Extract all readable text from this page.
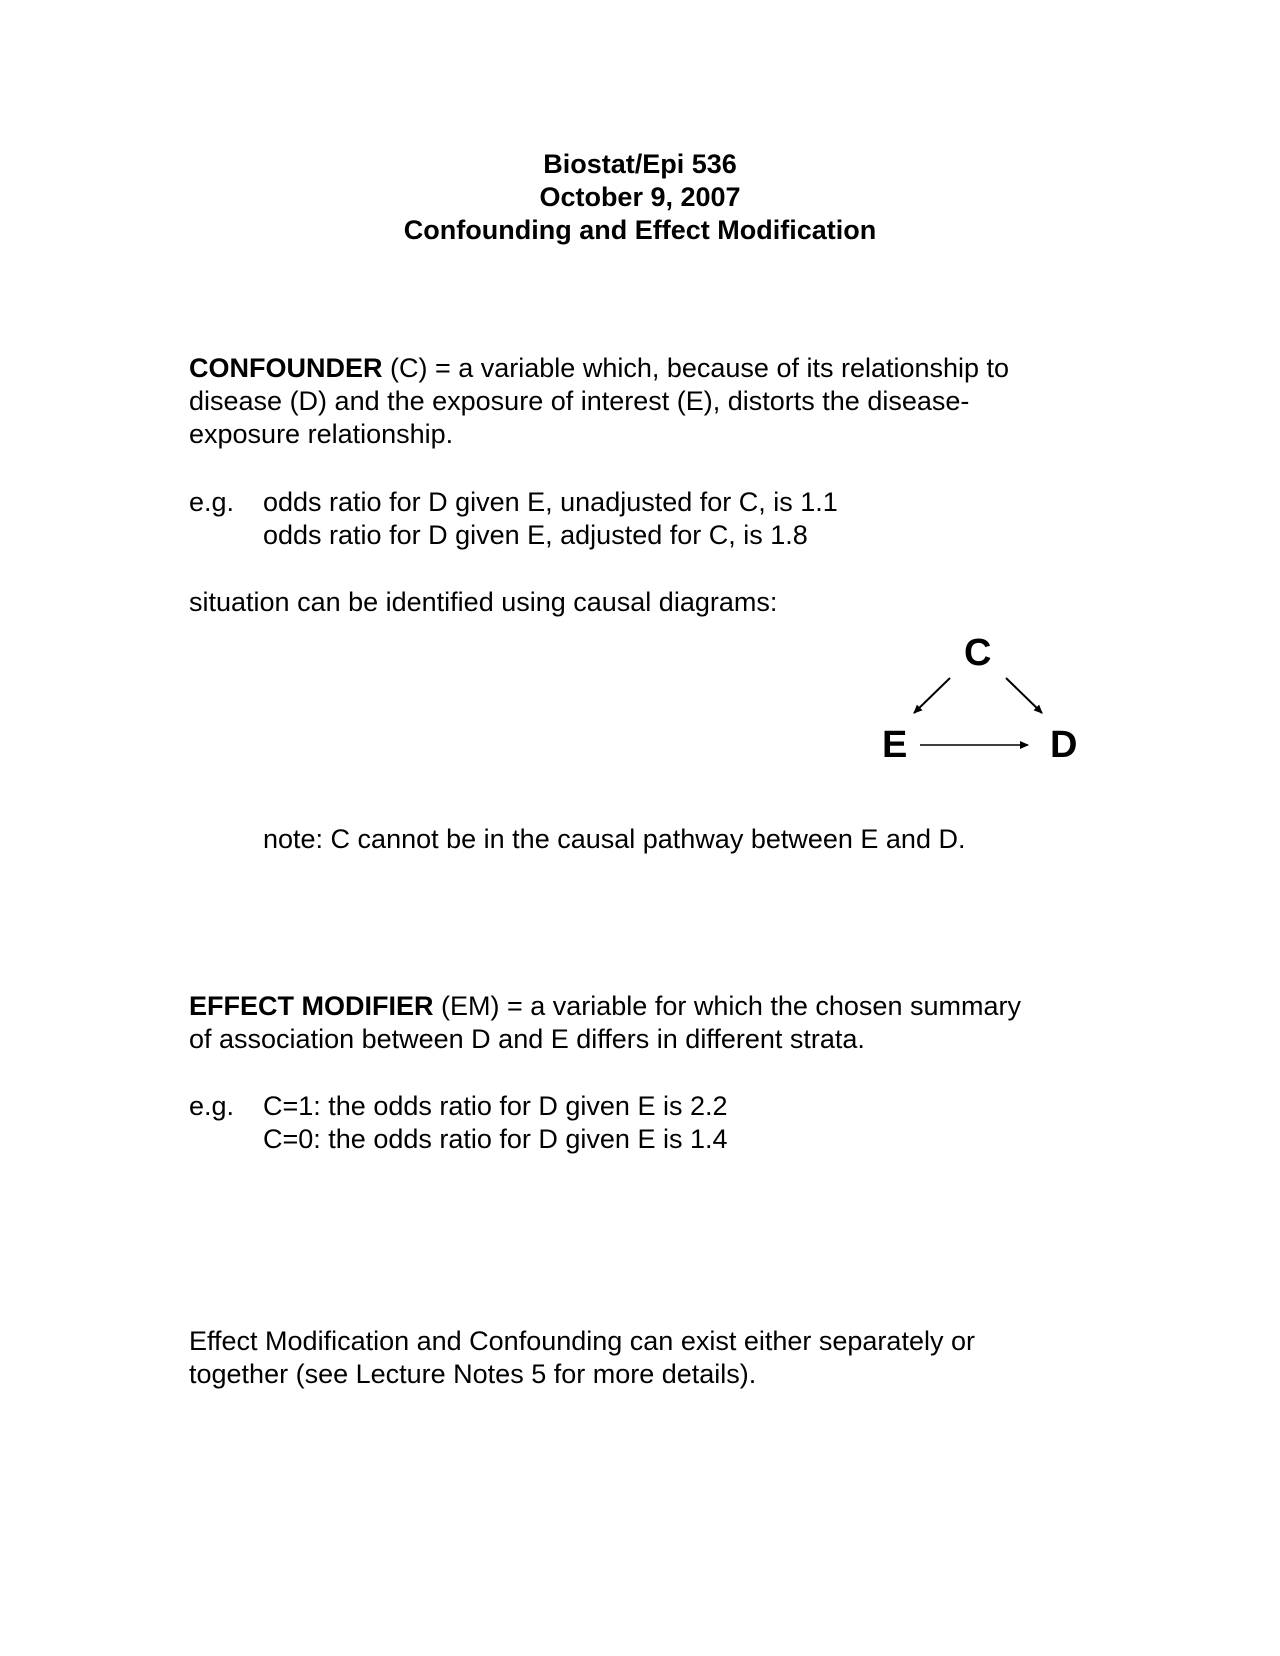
Biostat/Epi 536
October 9, 2007
Confounding and Effect Modification
CONFOUNDER (C) = a variable which, because of its relationship to
disease (D) and the exposure of interest (E), distorts the disease-
exposure relationship.
e.g. odds ratio for D given E, unadjusted for C, is 1.1
odds ratio for D given E, adjusted for C, is 1.8
situation can be identified using causal diagrams:
C
E	D
note: C cannot be in the causal pathway between E and D.
EFFECT MODIFIER (EM) = a variable for which the chosen summary
of association between D and E differs in different strata.
e.g. C=1: the odds ratio for D given E is 2.2
C=0: the odds ratio for D given E is 1.4
Effect Modification and Confounding can exist either separately or
together (see Lecture Notes 5 for more details).
